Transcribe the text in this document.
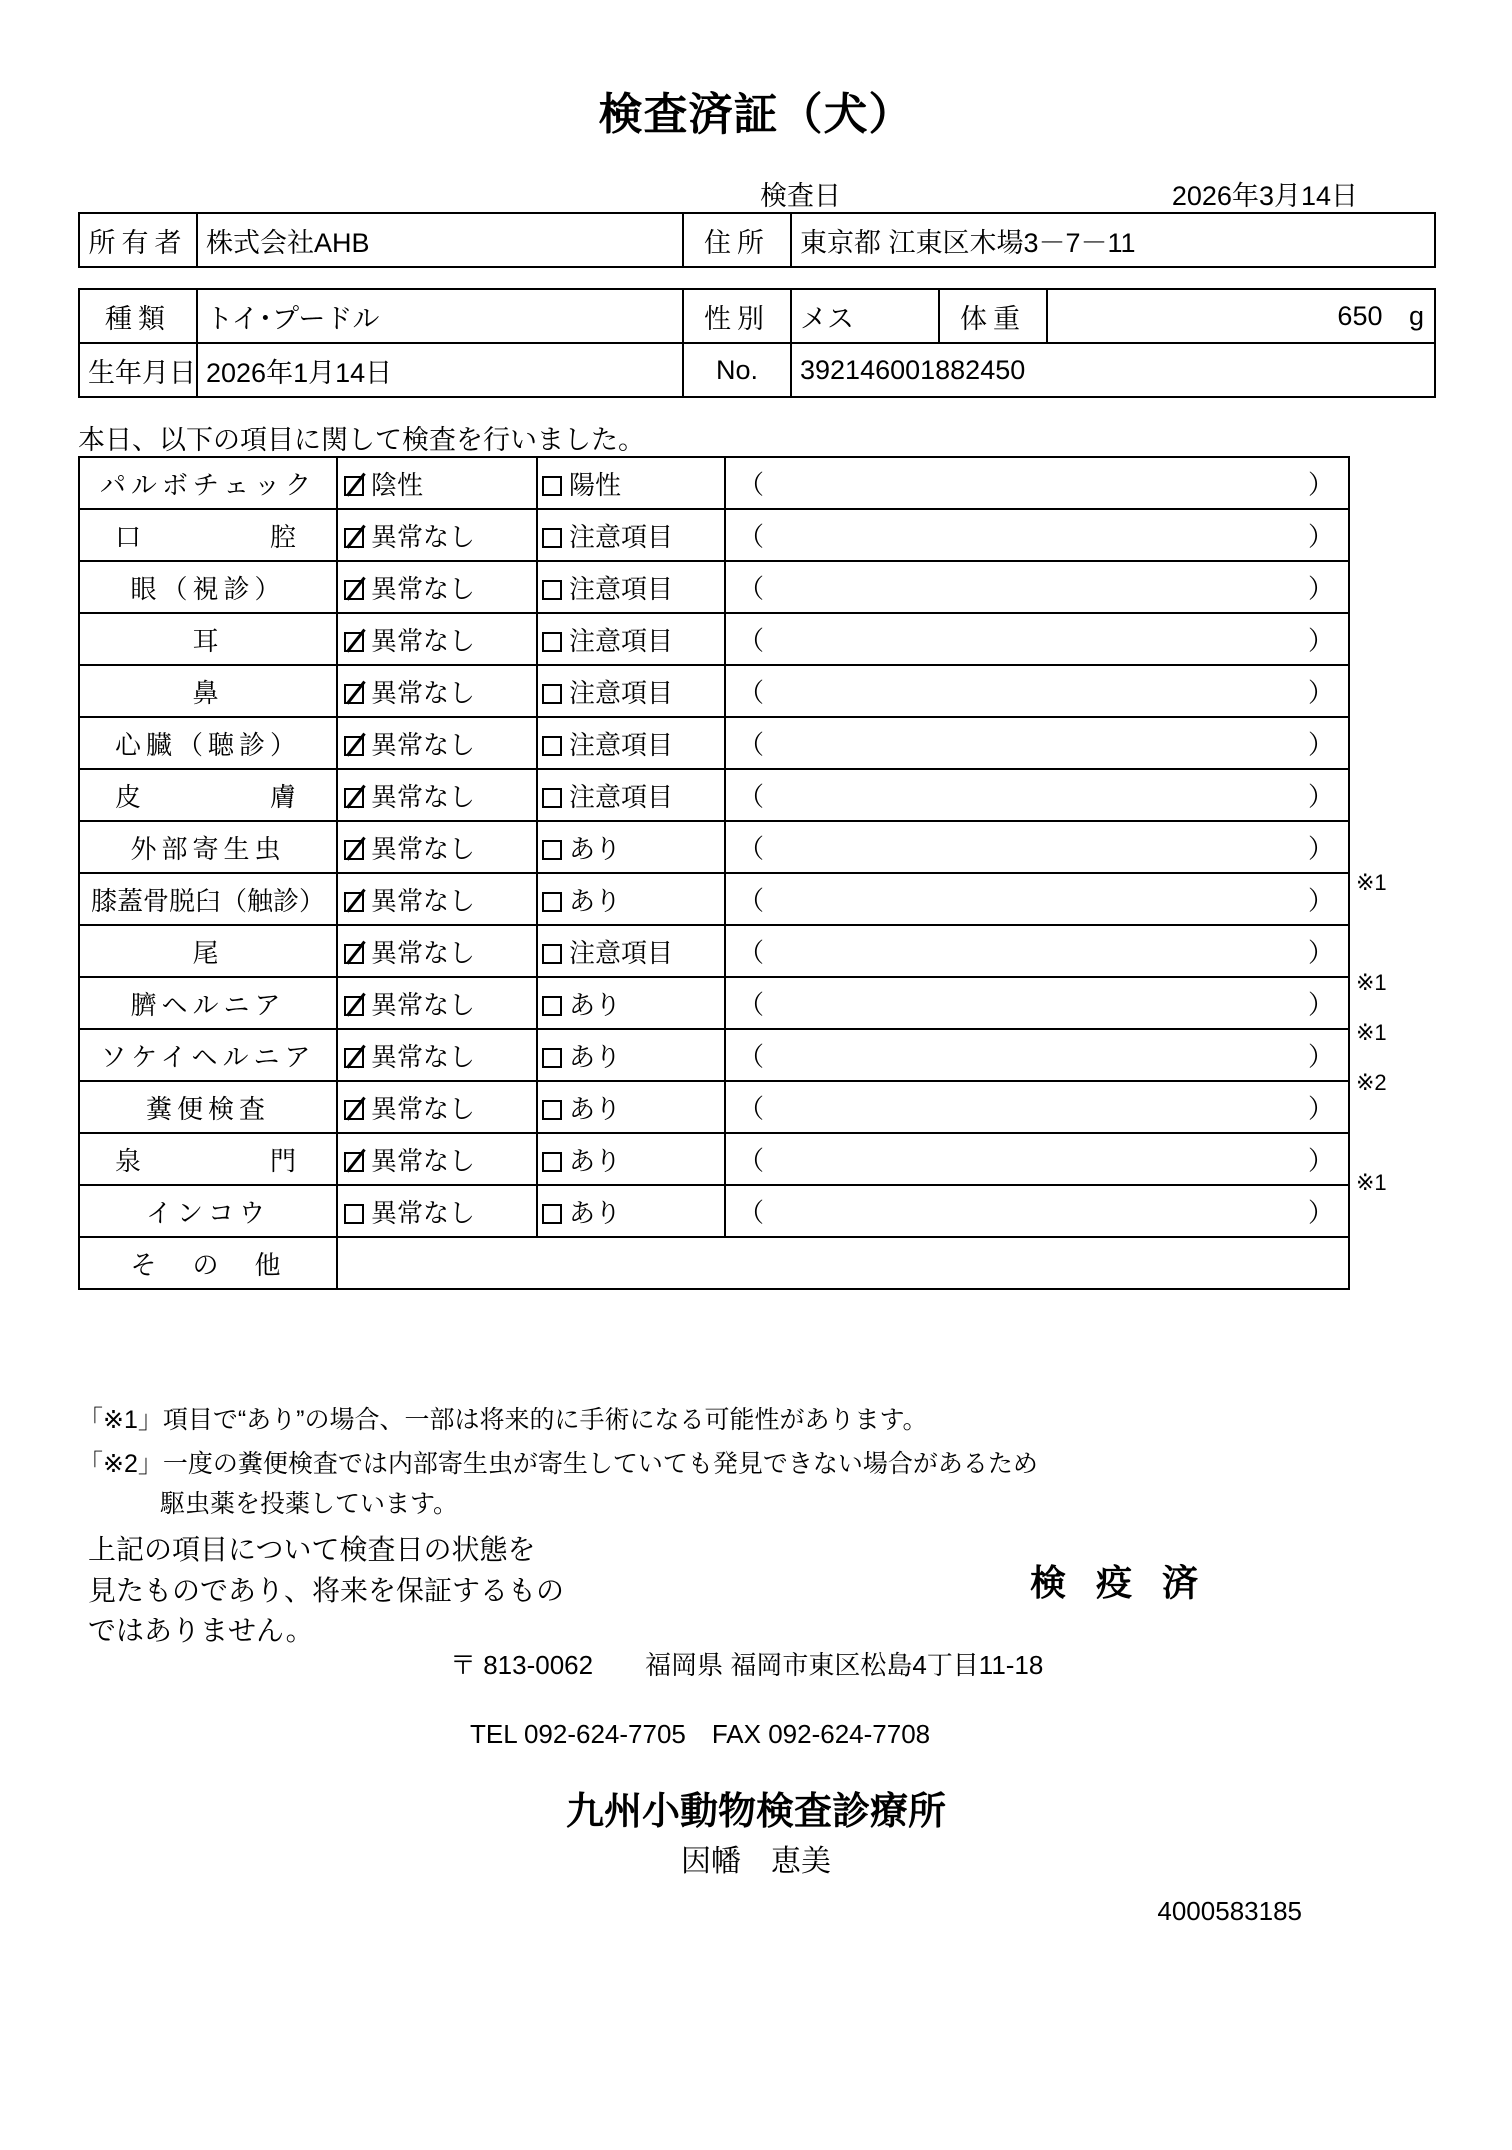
検査済証（犬）
検査日	2026年3月14日
所有者	株式会社AHB	住所	東京都 江東区木場3－7－11
種類	トイ･プードル	性別	メス	体重	650 g
生年月日	2026年1月14日	No.	392146001882450		
本日、以下の項目に関して検査を行いました。
パルボチェック	陰性	陽性	（ ）

口　　　　腔	異常なし	注意項目	（ ）

眼（視診）	異常なし	注意項目	（ ）

耳	異常なし	注意項目	（ ）

鼻	異常なし	注意項目	（ ）

心臓（聴診）	異常なし	注意項目	（ ）

皮　　　　膚	異常なし	注意項目	（ ）

外部寄生虫	異常なし	あり	（ ）

膝蓋骨脱臼（触診）	異常なし	あり	（ ）

尾	異常なし	注意項目	（ ）

臍ヘルニア	異常なし	あり	（ ）

ソケイヘルニア	異常なし	あり	（ ）

糞便検査	異常なし	あり	（ ）

泉　　　　門	異常なし	あり	（ ）

インコウ	異常なし	あり	（ ）

そ　の　他			
「※1」項目で“あり”の場合、一部は将来的に手術になる可能性があります。
「※2」一度の糞便検査では内部寄生虫が寄生していても発見できない場合があるため
駆虫薬を投薬しています。
上記の項目について検査日の状態を
見たものであり、将来を保証するもの
ではありません。
検 疫 済
〒 813-0062　　福岡県 福岡市東区松島4丁目11-18
TEL 092-624-7705　FAX 092-624-7708
九州小動物検査診療所
因幡　恵美
4000583185
※1
※1
※1
※2
※1
